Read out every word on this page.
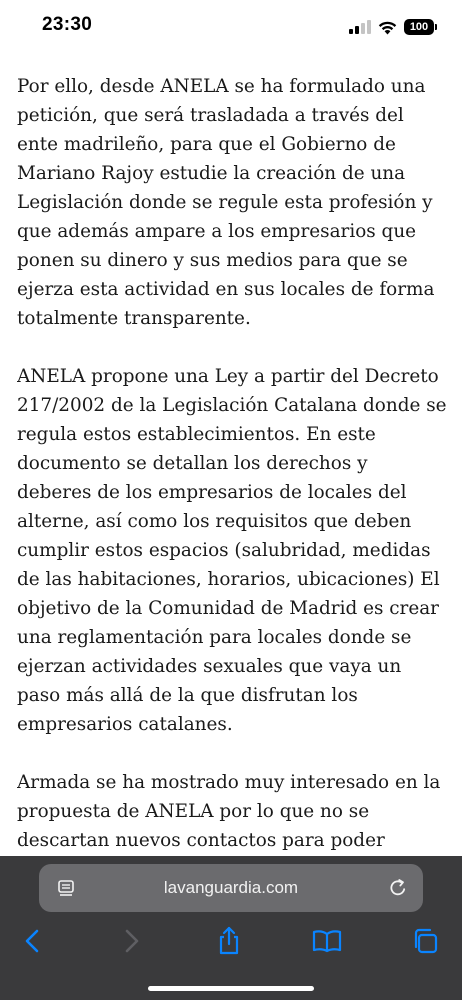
23:30	100

Por ello, desde ANELA se ha formulado una petición, que será trasladada a través del ente madrileño, para que el Gobierno de Mariano Rajoy estudie la creación de una Legislación donde se regule esta profesión y que además ampare a los empresarios que ponen su dinero y sus medios para que se ejerza esta actividad en sus locales de forma totalmente transparente.

ANELA propone una Ley a partir del Decreto 217/2002 de la Legislación Catalana donde se regula estos establecimientos. En este documento se detallan los derechos y deberes de los empresarios de locales del alterne, así como los requisitos que deben cumplir estos espacios (salubridad, medidas de las habitaciones, horarios, ubicaciones) El objetivo de la Comunidad de Madrid es crear una reglamentación para locales donde se ejerzan actividades sexuales que vaya un paso más allá de la que disfrutan los empresarios catalanes.

Armada se ha mostrado muy interesado en la propuesta de ANELA por lo que no se descartan nuevos contactos para poder

lavanguardia.com
